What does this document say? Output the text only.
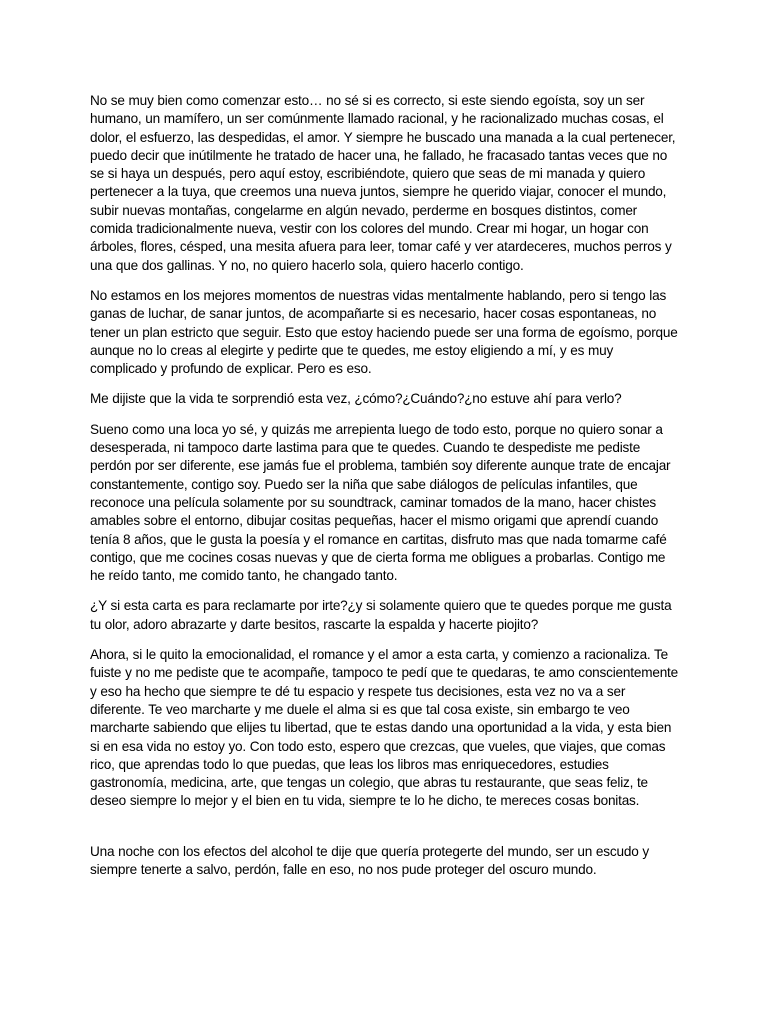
No se muy bien como comenzar esto… no sé si es correcto, si este siendo egoísta, soy un ser humano, un mamífero, un ser comúnmente llamado racional, y he racionalizado muchas cosas, el dolor, el esfuerzo, las despedidas, el amor. Y siempre he buscado una manada a la cual pertenecer, puedo decir que inútilmente he tratado de hacer una, he fallado, he fracasado tantas veces que no se si haya un después, pero aquí estoy, escribiéndote, quiero que seas de mi manada y quiero pertenecer a la tuya, que creemos una nueva juntos, siempre he querido viajar, conocer el mundo, subir nuevas montañas, congelarme en algún nevado, perderme en bosques distintos, comer comida tradicionalmente nueva, vestir con los colores del mundo. Crear mi hogar, un hogar con árboles, flores, césped, una mesita afuera para leer, tomar café y ver atardeceres, muchos perros y una que dos gallinas. Y no, no quiero hacerlo sola, quiero hacerlo contigo.

No estamos en los mejores momentos de nuestras vidas mentalmente hablando, pero si tengo las ganas de luchar, de sanar juntos, de acompañarte si es necesario, hacer cosas espontaneas, no tener un plan estricto que seguir. Esto que estoy haciendo puede ser una forma de egoísmo, porque aunque no lo creas al elegirte y pedirte que te quedes, me estoy eligiendo a mí, y es muy complicado y profundo de explicar. Pero es eso.

Me dijiste que la vida te sorprendió esta vez, ¿cómo?¿Cuándo?¿no estuve ahí para verlo?

Sueno como una loca yo sé, y quizás me arrepienta luego de todo esto, porque no quiero sonar a desesperada, ni tampoco darte lastima para que te quedes. Cuando te despediste me pediste perdón por ser diferente, ese jamás fue el problema, también soy diferente aunque trate de encajar constantemente, contigo soy. Puedo ser la niña que sabe diálogos de películas infantiles, que reconoce una película solamente por su soundtrack, caminar tomados de la mano, hacer chistes amables sobre el entorno, dibujar cositas pequeñas, hacer el mismo origami que aprendí cuando tenía 8 años, que le gusta la poesía y el romance en cartitas, disfruto mas que nada tomarme café contigo, que me cocines cosas nuevas y que de cierta forma me obligues a probarlas. Contigo me he reído tanto, me comido tanto, he changado tanto.

¿Y si esta carta es para reclamarte por irte?¿y si solamente quiero que te quedes porque me gusta tu olor, adoro abrazarte y darte besitos, rascarte la espalda y hacerte piojito?

Ahora, si le quito la emocionalidad, el romance y el amor a esta carta, y comienzo a racionaliza. Te fuiste y no me pediste que te acompañe, tampoco te pedí que te quedaras, te amo conscientemente y eso ha hecho que siempre te dé tu espacio y respete tus decisiones, esta vez no va a ser diferente. Te veo marcharte y me duele el alma si es que tal cosa existe, sin embargo te veo marcharte sabiendo que elijes tu libertad, que te estas dando una oportunidad a la vida, y esta bien si en esa vida no estoy yo. Con todo esto, espero que crezcas, que vueles, que viajes, que comas rico, que aprendas todo lo que puedas, que leas los libros mas enriquecedores, estudies gastronomía, medicina, arte, que tengas un colegio, que abras tu restaurante, que seas feliz, te deseo siempre lo mejor y el bien en tu vida, siempre te lo he dicho, te mereces cosas bonitas.

Una noche con los efectos del alcohol te dije que quería protegerte del mundo, ser un escudo y siempre tenerte a salvo, perdón, falle en eso, no nos pude proteger del oscuro mundo.
